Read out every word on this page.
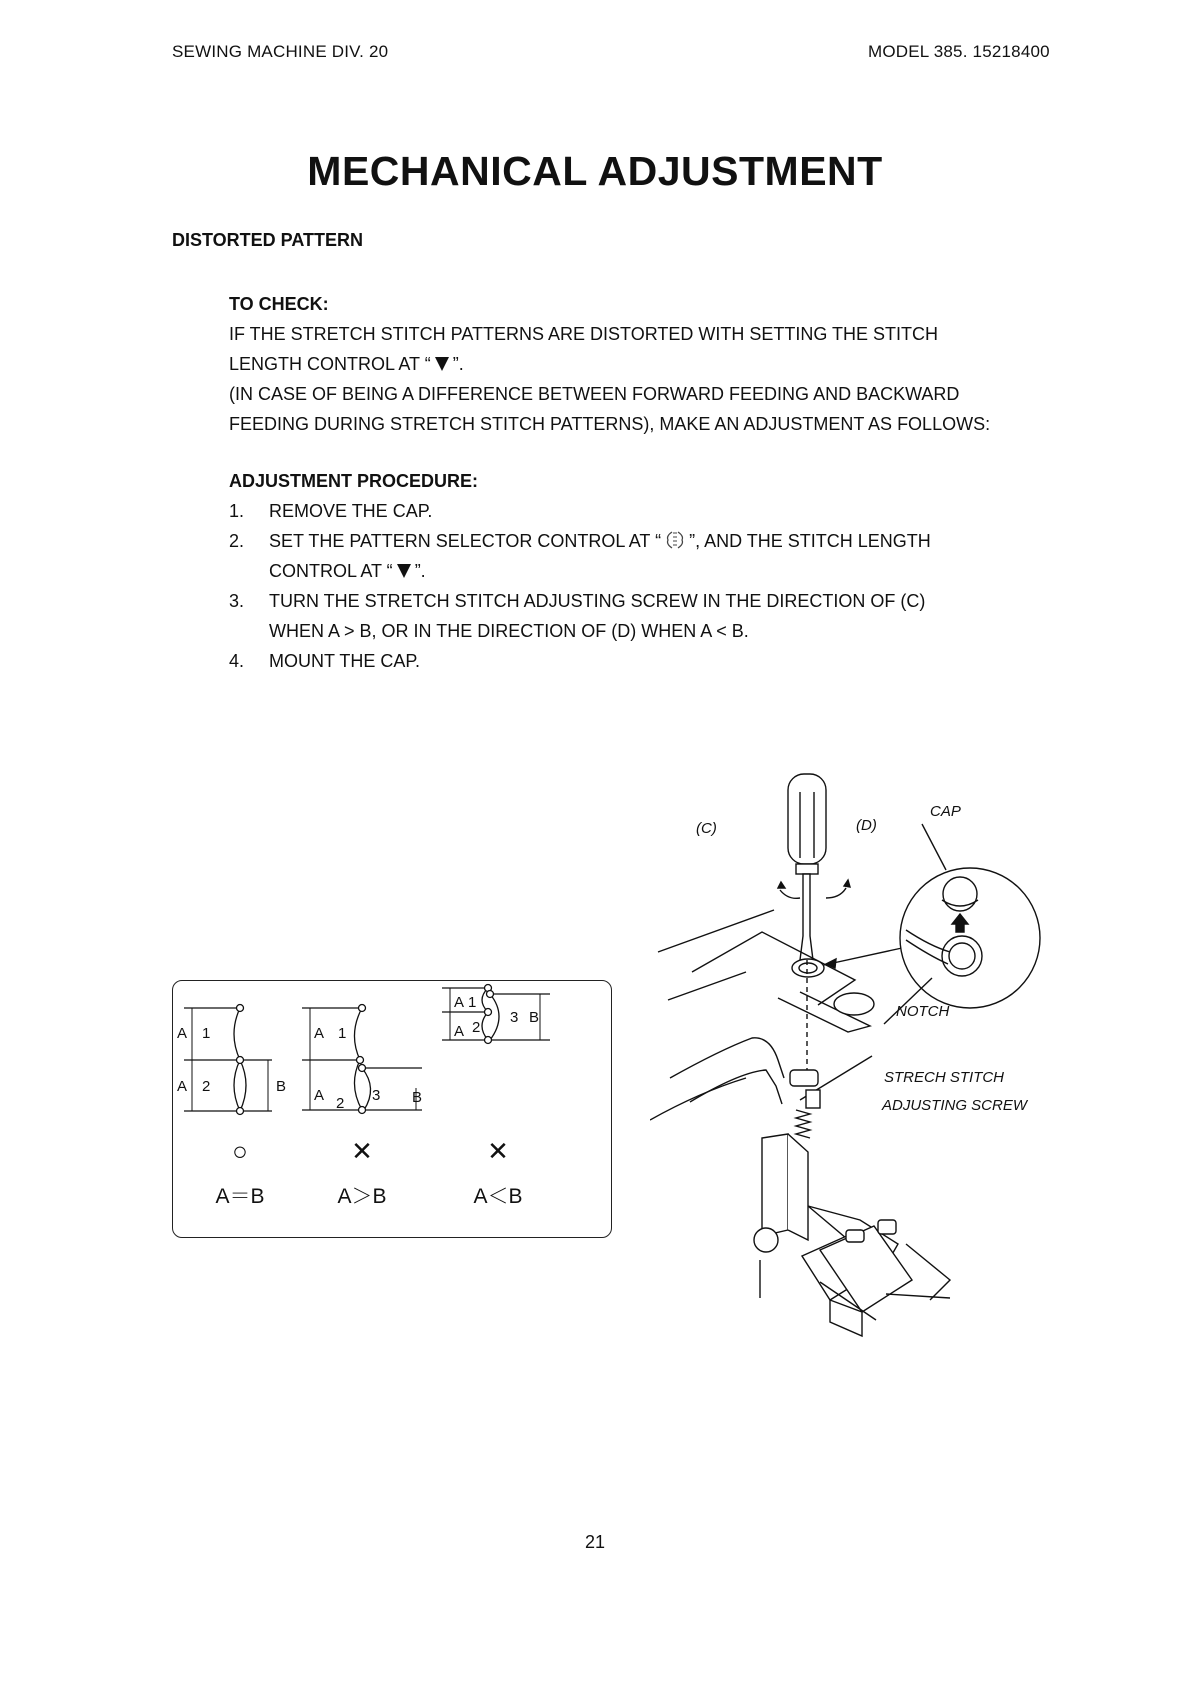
SEWING MACHINE DIV. 20	MODEL 385. 15218400
MECHANICAL ADJUSTMENT
DISTORTED PATTERN
TO CHECK:
IF THE STRETCH STITCH PATTERNS ARE DISTORTED WITH SETTING THE STITCH
LENGTH CONTROL AT “ ”.
(IN CASE OF BEING A DIFFERENCE BETWEEN FORWARD FEEDING AND BACKWARD
FEEDING DURING STRETCH STITCH PATTERNS), MAKE AN ADJUSTMENT AS FOLLOWS:
ADJUSTMENT PROCEDURE:
1. REMOVE THE CAP.
2. SET THE PATTERN SELECTOR CONTROL AT “ ”, AND THE STITCH LENGTH
CONTROL AT “ ”.
3. TURN THE STRETCH STITCH ADJUSTING SCREW IN THE DIRECTION OF (C)
WHEN A > B, OR IN THE DIRECTION OF (D) WHEN A < B.
4. MOUNT THE CAP.
A 1
A 2	B
A 1
A 2 3 B
A 1
A 2
3 B
○	✕	✕
A＝B	A＞B	A＜B
(C)	(D)
CAP
NOTCH
STRECH STITCH
ADJUSTING SCREW
21
